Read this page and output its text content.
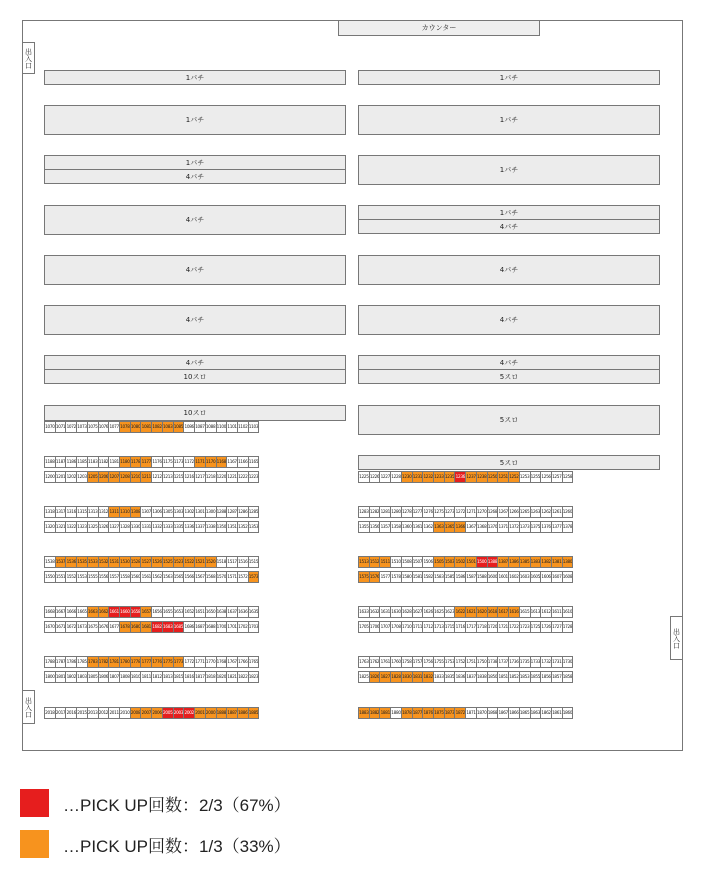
カウンター
出入口
出入口
出入口
1パチ
1パチ
1パチ
4パチ
4パチ
4パチ
4パチ
4パチ
10スロ
10スロ
1パチ
1パチ
1パチ
1パチ
4パチ
4パチ
4パチ
4パチ
5スロ
5スロ
5スロ
1070 1071 1072 1073 1075 1076 1077 1078 1080 1081 1082 1083 1085 1086 1087 1088 1100 1101 1102 1103
1188 1187 1186 1185 1183 1182 1181 1180 1178 1177 1176 1175 1173 1172 1171 1170 1168 1167 1166 1165
1200 1201 1202 1203 1205 1206 1207 1208 1210 1211 1212 1213 1215 1216 1217 1218 1220 1221 1222 1223	1225 1226 1227 1228 1230 1231 1232 1233 1235 1236 1237 1238 1250 1251 1252 1253 1255 1256 1257 1258
1318 1317 1316 1315 1313 1312 1311 1310 1308 1307 1306 1305 1303 1302 1301 1300 1288 1287 1286 1285
1320 1321 1322 1323 1325 1326 1327 1328 1330 1331 1332 1333 1335 1336 1337 1338 1350 1351 1352 1353
1283 1282 1281 1280 1278 1277 1276 1275 1273 1272 1271 1270 1268 1267 1266 1265 1263 1262 1261 1260
1355 1356 1357 1358 1360 1361 1362 1363 1365 1366 1367 1368 1370 1371 1372 1373 1375 1376 1377 1378
1538 1537 1536 1535 1533 1532 1531 1530 1528 1527 1526 1525 1523 1522 1521 1520 1518 1517 1516 1515
1550 1551 1552 1553 1555 1556 1557 1558 1560 1561 1562 1563 1565 1566 1567 1568 1570 1571 1572 1573
1513 1512 1511 1510 1508 1507 1506 1505 1503 1502 1501 1500 1388 1387 1386 1385 1383 1382 1381 1380
1575 1576 1577 1578 1580 1581 1582 1583 1585 1586 1587 1588 1600 1601 1602 1603 1605 1606 1607 1608
1668 1667 1666 1665 1663 1662 1661 1660 1658 1657 1656 1655 1653 1652 1651 1650 1638 1637 1636 1635
1670 1671 1672 1673 1675 1676 1677 1678 1680 1681 1682 1683 1685 1686 1687 1688 1700 1701 1702 1703
1633 1632 1631 1630 1628 1627 1626 1625 1623 1622 1621 1620 1618 1617 1616 1615 1613 1612 1611 1610
1705 1706 1707 1708 1710 1711 1712 1713 1715 1716 1717 1718 1720 1721 1722 1723 1725 1726 1727 1728
1788 1787 1786 1785 1783 1782 1781 1780 1778 1777 1776 1775 1773 1772 1771 1770 1768 1767 1766 1765
1800 1801 1802 1803 1805 1806 1807 1808 1810 1811 1812 1813 1815 1816 1817 1818 1820 1821 1822 1823
1763 1762 1761 1760 1758 1757 1756 1755 1753 1752 1751 1750 1738 1737 1736 1735 1733 1732 1731 1730
1825 1826 1827 1828 1830 1831 1832 1833 1835 1836 1837 1838 1850 1851 1852 1853 1855 1856 1857 1858
2018 2017 2016 2015 2013 2012 2011 2010 2008 2007 2006 2005 2003 2002 2001 2000 1888 1887 1886 1885	1883 1882 1881 1880 1878 1877 1876 1875 1873 1872 1871 1870 1868 1867 1866 1865 1863 1862 1861 1860
…PICK UP回数：2/3（67%）
…PICK UP回数：1/3（33%）
